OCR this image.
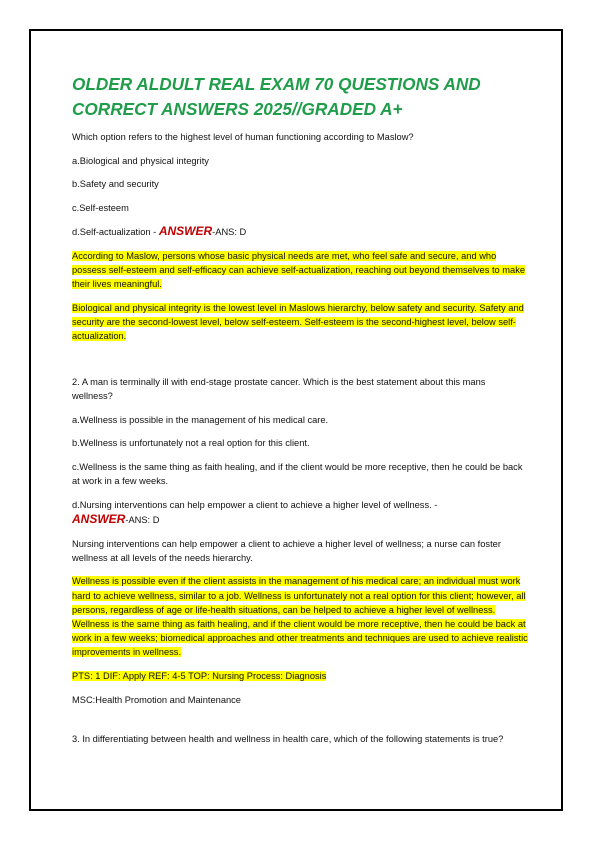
OLDER ALDULT REAL EXAM 70 QUESTIONS AND CORRECT ANSWERS 2025//GRADED A+

Which option refers to the highest level of human functioning according to Maslow?

a.Biological and physical integrity

b.Safety and security

c.Self-esteem

d.Self-actualization - ANSWER-ANS: D

According to Maslow, persons whose basic physical needs are met, who feel safe and secure, and who possess self-esteem and self-efficacy can achieve self-actualization, reaching out beyond themselves to make their lives meaningful.

Biological and physical integrity is the lowest level in Maslows hierarchy, below safety and security. Safety and security are the second-lowest level, below self-esteem. Self-esteem is the second-highest level, below self-actualization.

2. A man is terminally ill with end-stage prostate cancer. Which is the best statement about this mans wellness?

a.Wellness is possible in the management of his medical care.

b.Wellness is unfortunately not a real option for this client.

c.Wellness is the same thing as faith healing, and if the client would be more receptive, then he could be back at work in a few weeks.

d.Nursing interventions can help empower a client to achieve a higher level of wellness. -
ANSWER-ANS: D

Nursing interventions can help empower a client to achieve a higher level of wellness; a nurse can foster wellness at all levels of the needs hierarchy.

Wellness is possible even if the client assists in the management of his medical care; an individual must work hard to achieve wellness, similar to a job. Wellness is unfortunately not a real option for this client; however, all persons, regardless of age or life-health situations, can be helped to achieve a higher level of wellness. Wellness is the same thing as faith healing, and if the client would be more receptive, then he could be back at work in a few weeks; biomedical approaches and other treatments and techniques are used to achieve realistic improvements in wellness.

PTS: 1 DIF: Apply REF: 4-5 TOP: Nursing Process: Diagnosis

MSC:Health Promotion and Maintenance

3. In differentiating between health and wellness in health care, which of the following statements is true?
